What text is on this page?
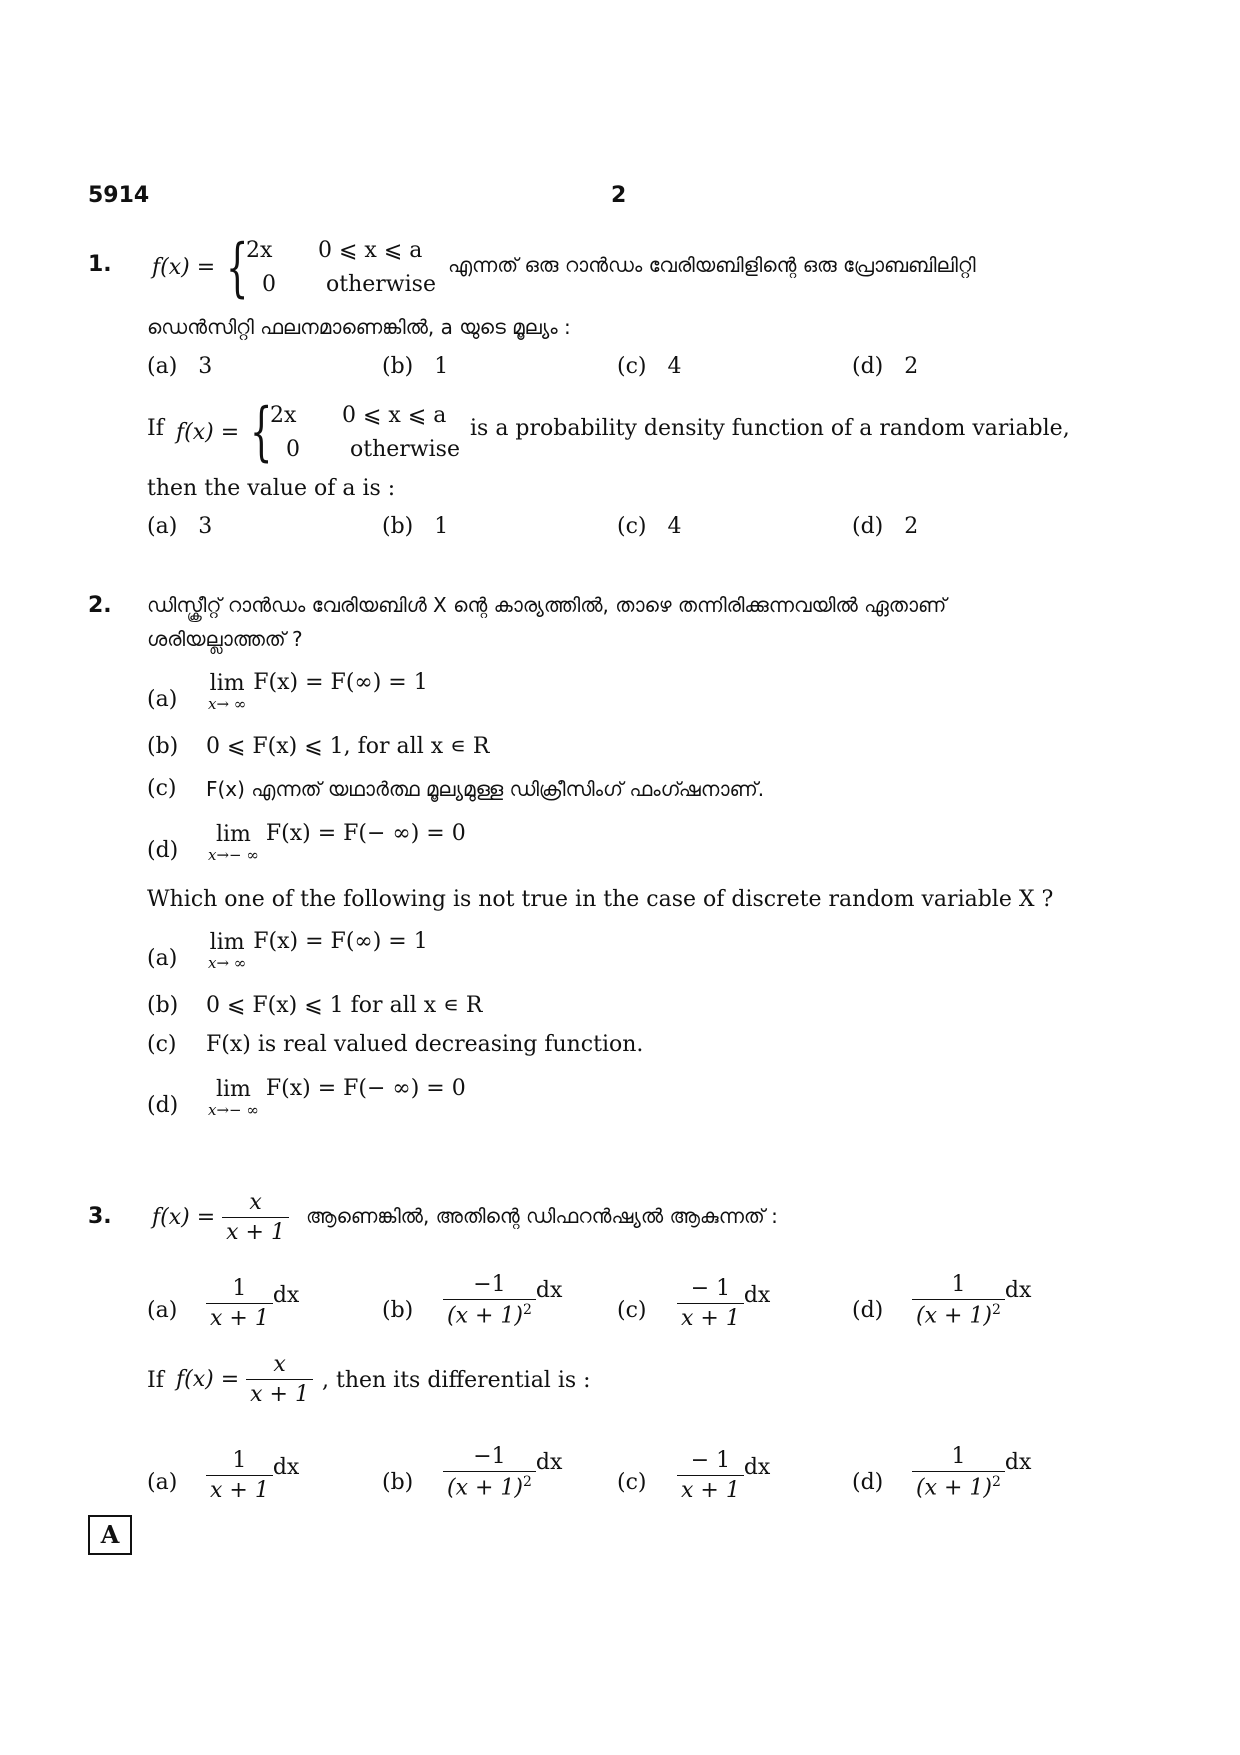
5914	2
1. f(x) = {
2x 0 ⩽ x ⩽ a
0 otherwise
എന്നത് ഒരു റാൻഡം വേരിയബിളിന്റെ ഒരു പ്രോബബിലിറ്റി
ഡെൻസിറ്റി ഫലനമാണെങ്കിൽ, a യുടെ മൂല്യം :
(a) 3	(b) 1	(c) 4	(d) 2
If f(x) = {
2x 0 ⩽ x ⩽ a
0 otherwise
is a probability density function of a random variable,
then the value of a is :
(a) 3	(b) 1	(c) 4	(d) 2
2. ഡിസ്ക്രീറ്റ് റാൻഡം വേരിയബിൾ X ന്റെ കാര്യത്തിൽ, താഴെ തന്നിരിക്കുന്നവയിൽ ഏതാണ്
ശരിയല്ലാത്തത് ?
(a)
lim
x→ ∞
F(x) = F(∞) = 1
(b) 0 ⩽ F(x) ⩽ 1, for all x ∊ R
(c) F(x) എന്നത് യഥാർത്ഥ മൂല്യമുള്ള ഡിക്രീസിംഗ് ഫംഗ്ഷനാണ്.
(d)
lim
x→− ∞
F(x) = F(− ∞) = 0
Which one of the following is not true in the case of discrete random variable X ?
(a)
lim
x→ ∞
F(x) = F(∞) = 1
(b) 0 ⩽ F(x) ⩽ 1 for all x ∊ R
(c) F(x) is real valued decreasing function.
(d)
lim
x→− ∞
F(x) = F(− ∞) = 0
3. $f(x) = \frac{x}{x + 1}$ ആണെങ്കിൽ, അതിന്റെ ഡിഫറൻഷ്യൽ ആകുന്നത് :
$(a) \frac{1}{x + 1}$ dx
$(b) \frac{-1}{(x + 1)^2}$ dx
$(c) \frac{- 1}{x + 1}$ dx
$(d) \frac{1}{(x + 1)^2}$ dx
If $f(x) = \frac{x}{x + 1}$ , then its differential is :
$(a) \frac{1}{x + 1}$ dx
$(b) \frac{-1}{(x + 1)^2}$ dx
$(c) \frac{- 1}{x + 1}$ dx
$(d) \frac{1}{(x + 1)^2}$ dx
A
